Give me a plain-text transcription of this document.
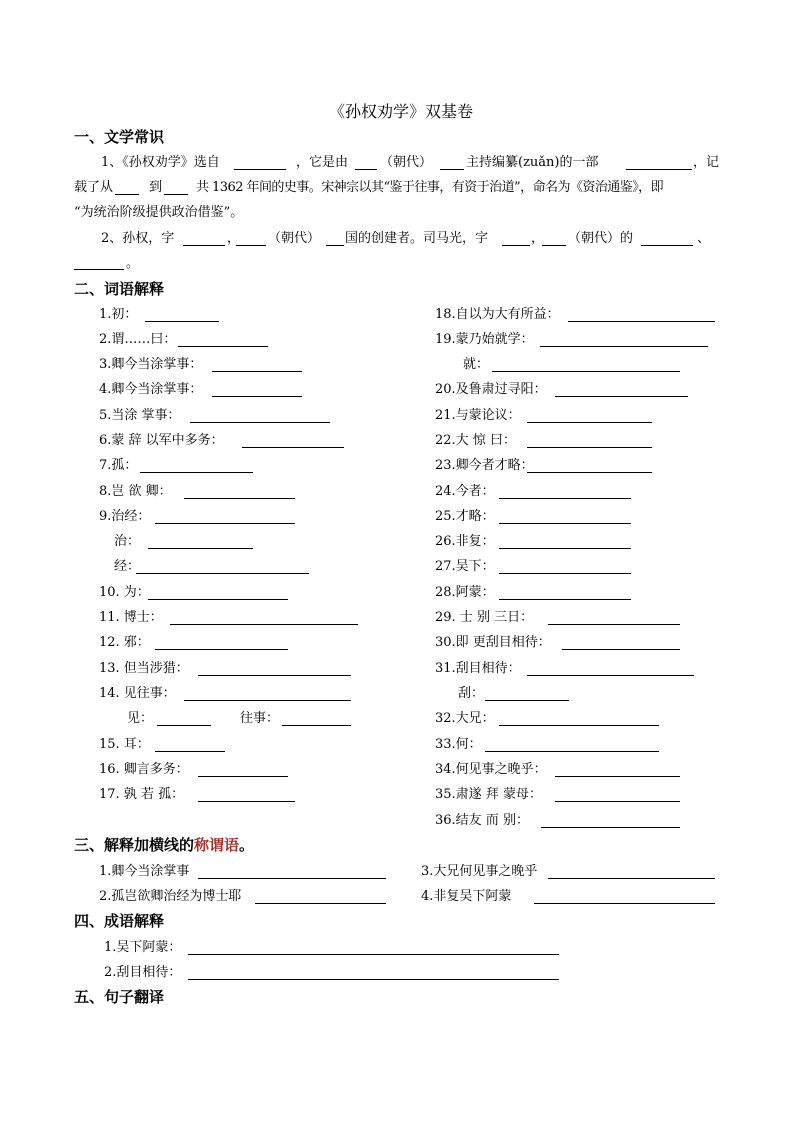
《孙权劝学》双基卷
一、文学常识
1、《孙权劝学》选自	，它是由 （朝代）	主持编纂(zuǎn)的一部	，记
载了从	到	共 1362 年间的史事。宋神宗以其“鉴于往事，有资于治道”，命名为《资治通鉴》，即
“为统治阶级提供政治借鉴”。
2、孙权，字	， （朝代） 国的创建者。司马光，字	， （朝代）的	、
。
二、词语解释
1.初：
2.谓……曰：
3.卿今当涂掌事：
4.卿今当涂掌事：
5.当涂 掌事：
6.蒙 辞 以军中多务：
7.孤：
8.岂 欲 卿：
9.治经：
治：
经：
10. 为：
11. 博士：
12. 邪：
13. 但当涉猎：
14. 见往事：
见：	往事：
15. 耳：
16. 卿言多务：
17. 孰 若 孤：
18.自以为大有所益：
19.蒙乃始就学：
就：
20.及鲁肃过寻阳：
21.与蒙论议：
22.大 惊 曰：
23.卿今者才略：
24.今者：
25.才略：
26.非复：
27.吴下：
28.阿蒙：
29. 士 别 三日：
30.即 更刮目相待：
31.刮目相待：
刮：
32.大兄：
33.何：
34.何见事之晚乎：
35.肃遂 拜 蒙母：
36.结友 而 别：
三、解释加横线的称谓语。
1.卿今当涂掌事
2.孤岂欲卿治经为博士耶
3.大兄何见事之晚乎
4.非复吴下阿蒙
四、成语解释
1.吴下阿蒙：
2.刮目相待：
五、句子翻译
